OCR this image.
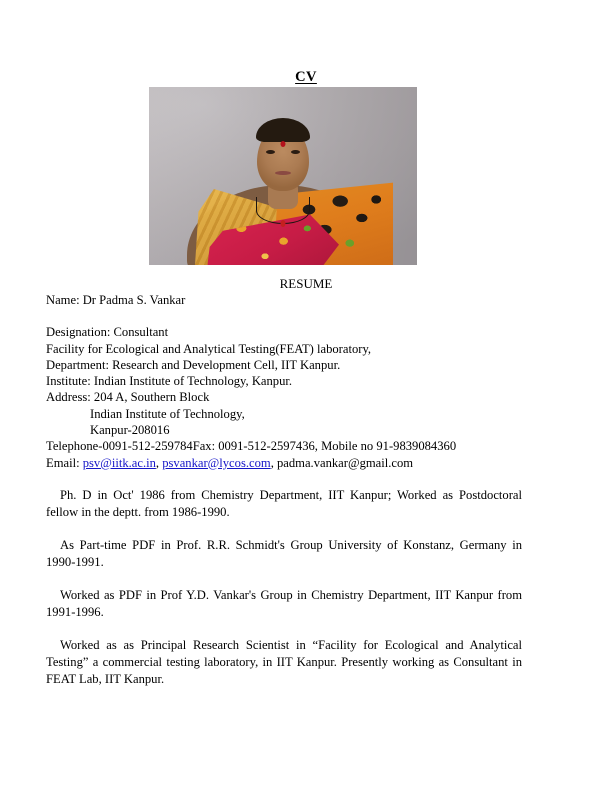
CV
RESUME
Name: Dr Padma S. Vankar
Designation: Consultant
Facility for Ecological and Analytical Testing(FEAT) laboratory,
Department: Research and Development Cell, IIT Kanpur.
Institute: Indian Institute of Technology, Kanpur.
Address: 204 A, Southern Block
Indian Institute of Technology,
Kanpur-208016
Telephone-0091-512-259784Fax: 0091-512-2597436, Mobile no 91-9839084360
Email: psv@iitk.ac.in, psvankar@lycos.com, padma.vankar@gmail.com

Ph. D in Oct' 1986 from Chemistry Department, IIT Kanpur; Worked as Postdoctoral fellow in the deptt. from 1986-1990.

As Part-time PDF in Prof. R.R. Schmidt's Group University of Konstanz, Germany in 1990-1991.

Worked as PDF in Prof Y.D. Vankar's Group in Chemistry Department, IIT Kanpur from 1991-1996.

Worked as as Principal Research Scientist in “Facility for Ecological and Analytical Testing” a commercial testing laboratory, in IIT Kanpur. Presently working as Consultant in FEAT Lab, IIT Kanpur.
